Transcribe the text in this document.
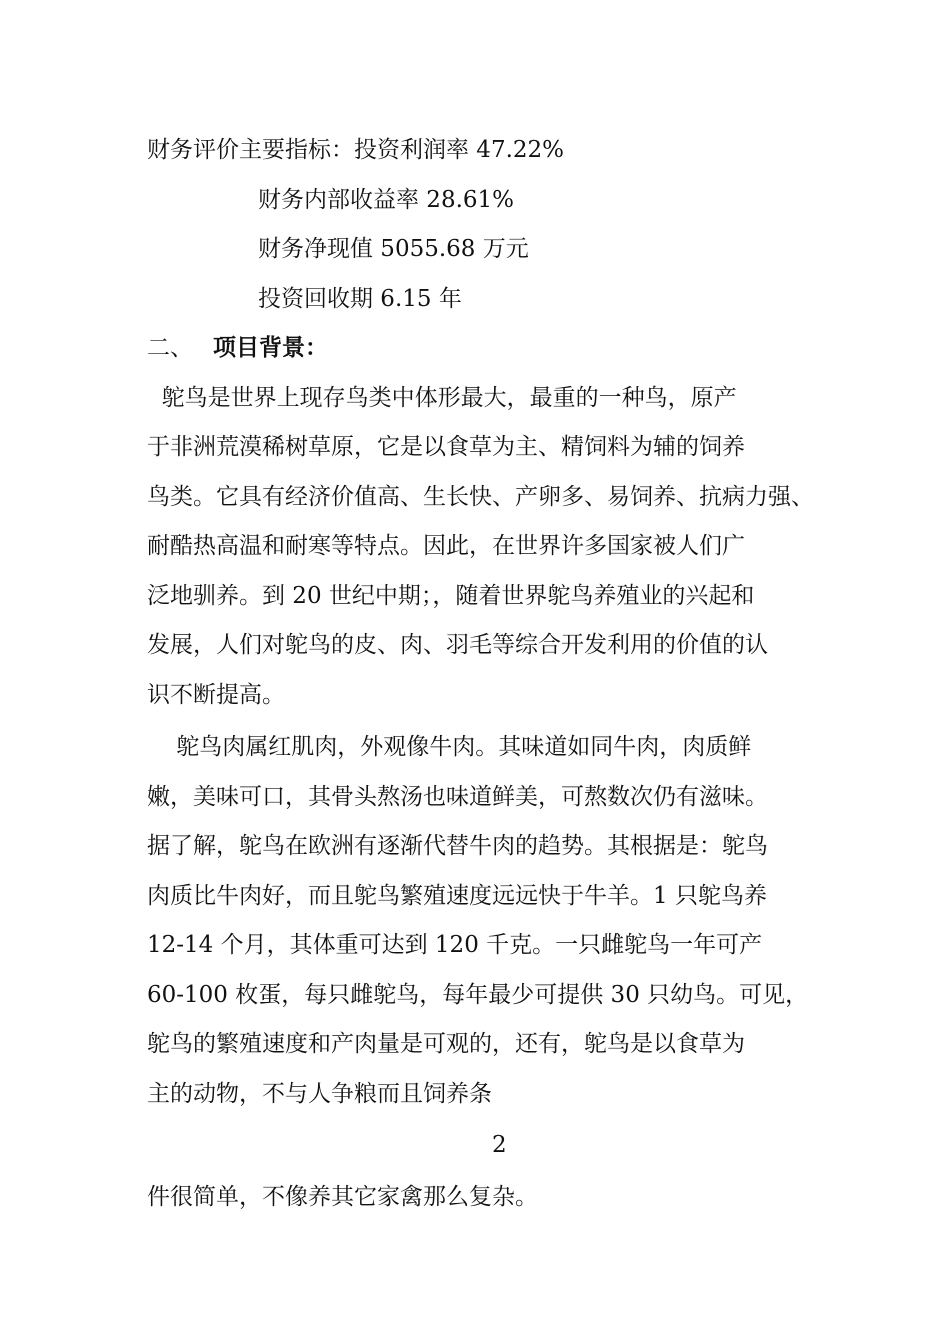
财务评价主要指标：投资利润率 47.22%
财务内部收益率 28.61%
财务净现值 5055.68 万元
投资回收期 6.15 年
二、 项目背景：
鸵鸟是世界上现存鸟类中体形最大，最重的一种鸟，原产
于非洲荒漠稀树草原，它是以食草为主、精饲料为辅的饲养
鸟类。它具有经济价值高、生长快、产卵多、易饲养、抗病力强、
耐酷热高温和耐寒等特点。因此，在世界许多国家被人们广
泛地驯养。到 20 世纪中期；，随着世界鸵鸟养殖业的兴起和
发展，人们对鸵鸟的皮、肉、羽毛等综合开发利用的价值的认
识不断提高。
鸵鸟肉属红肌肉，外观像牛肉。其味道如同牛肉，肉质鲜
嫩，美味可口，其骨头熬汤也味道鲜美，可熬数次仍有滋味。
据了解，鸵鸟在欧洲有逐渐代替牛肉的趋势。其根据是：鸵鸟
肉质比牛肉好，而且鸵鸟繁殖速度远远快于牛羊。1 只鸵鸟养
12-14 个月，其体重可达到 120 千克。一只雌鸵鸟一年可产
60-100 枚蛋，每只雌鸵鸟，每年最少可提供 30 只幼鸟。可见，
鸵鸟的繁殖速度和产肉量是可观的，还有，鸵鸟是以食草为
主的动物，不与人争粮而且饲养条
2
件很简单，不像养其它家禽那么复杂。
